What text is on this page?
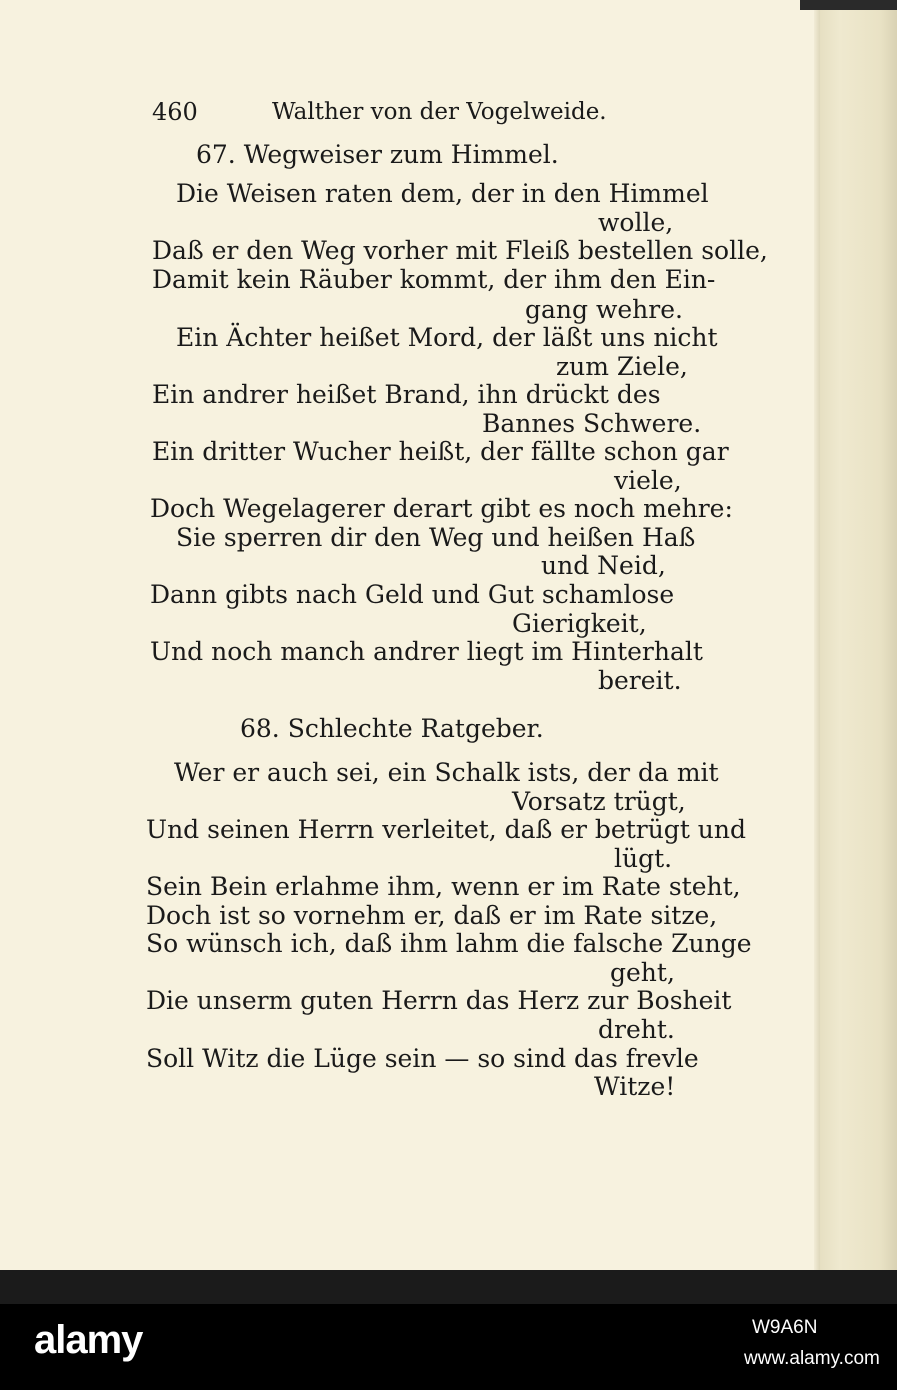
460	Walther von der Vogelweide.
67. Wegweiser zum Himmel.
Die Weisen raten dem, der in den Himmel
wolle,
Daß er den Weg vorher mit Fleiß bestellen solle,
Damit kein Räuber kommt, der ihm den Ein-
gang wehre.
Ein Ächter heißet Mord, der läßt uns nicht
zum Ziele,
Ein andrer heißet Brand, ihn drückt des
Bannes Schwere.
Ein dritter Wucher heißt, der fällte schon gar
viele,
Doch Wegelagerer derart gibt es noch mehre:
Sie sperren dir den Weg und heißen Haß
und Neid,
Dann gibts nach Geld und Gut schamlose
Gierigkeit,
Und noch manch andrer liegt im Hinterhalt
bereit.
68. Schlechte Ratgeber.
Wer er auch sei, ein Schalk ists, der da mit
Vorsatz trügt,
Und seinen Herrn verleitet, daß er betrügt und
lügt.
Sein Bein erlahme ihm, wenn er im Rate steht,
Doch ist so vornehm er, daß er im Rate sitze,
So wünsch ich, daß ihm lahm die falsche Zunge
geht,
Die unserm guten Herrn das Herz zur Bosheit
dreht.
Soll Witz die Lüge sein — so sind das frevle
Witze!
alamy	W9A6N
www.alamy.com
